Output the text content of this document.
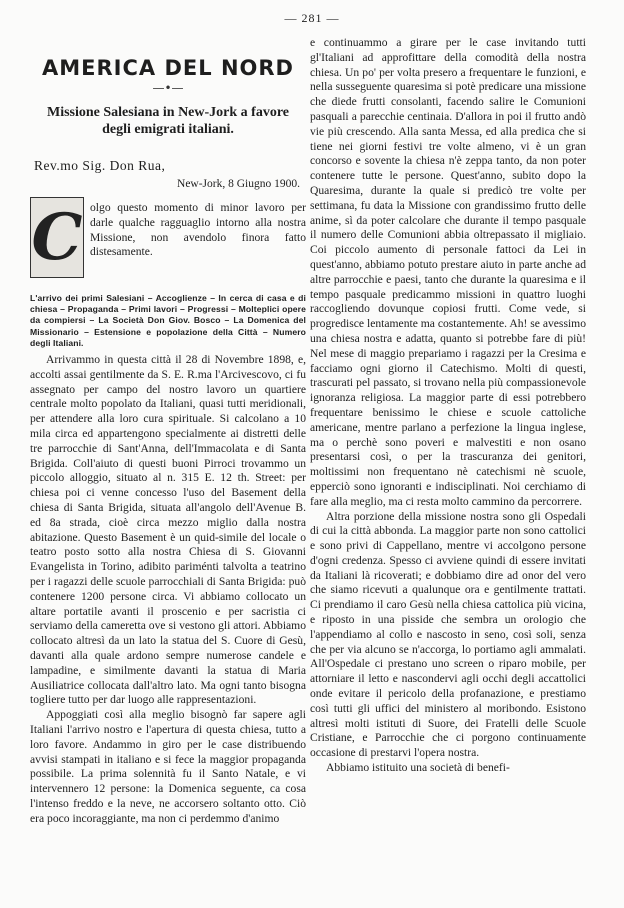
— 281 —
AMERICA DEL NORD
—•—
Missione Salesiana in New-Jork a favore degli emigrati italiani.
Rev.mo Sig. Don Rua,
New-Jork, 8 Giugno 1900.
C olgo questo momento di minor lavoro per darle qualche ragguaglio intorno alla nostra Missione, non avendolo finora fatto distesamente.
L'arrivo dei primi Salesiani – Accoglienze – In cerca di casa e di chiesa – Propaganda – Primi lavori – Progressi – Molteplici opere da compiersi – La Società Don Giov. Bosco – La Domenica del Missionario – Estensione e popolazione della Città – Numero degli Italiani.

Arrivammo in questa città il 28 di Novembre 1898, e, accolti assai gentilmente da S. E. R.ma l'Arcivescovo, ci fu assegnato per campo del nostro lavoro un quartiere centrale molto popolato da Italiani, quasi tutti meridionali, per attendere alla loro cura spirituale. Si calcolano a 10 mila circa ed appartengono specialmente ai distretti delle tre parrocchie di Sant'Anna, dell'Immacolata e di Santa Brigida. Coll'aiuto di questi buoni Pirroci trovammo un piccolo alloggio, situato al n. 315 E. 12 th. Street: per chiesa poi ci venne concesso l'uso del Basement della chiesa di Santa Brigida, situata all'angolo dell'Avenue B. ed 8a strada, cioè circa mezzo miglio dalla nostra abitazione. Questo Basement è un quid-simile del locale o teatro posto sotto alla nostra Chiesa di S. Giovanni Evangelista in Torino, adibito pariménti talvolta a teatrino per i ragazzi delle scuole parrocchiali di Santa Brigida: può contenere 1200 persone circa. Vi abbiamo collocato un altare portatile avanti il proscenio e per sacristia ci serviamo della cameretta ove si vestono gli attori. Abbiamo collocato altresì da un lato la statua del S. Cuore di Gesù, davanti alla quale ardono sempre numerose candele e lampadine, e similmente davanti la statua di Maria Ausiliatrice collocata dall'altro lato. Ma ogni tanto bisogna togliere tutto per dar luogo alle rappresentazioni.

Appoggiati così alla meglio bisognò far sapere agli Italiani l'arrivo nostro e l'apertura di questa chiesa, tutto a loro favore. Andammo in giro per le case distribuendo avvisi stampati in italiano e si fece la maggior propaganda possibile. La prima solennità fu il Santo Natale, e vi intervennero 12 persone: la Domenica seguente, ca cosa l'intenso freddo e la neve, ne accorsero soltanto otto. Ciò era poco incoraggiante, ma non ci perdemmo d'animo

e continuammo a girare per le case invitando tutti gl'Italiani ad approfittare della comodità della nostra chiesa. Un po' per volta presero a frequentare le funzioni, e nella susseguente quaresima si potè predicare una missione che diede frutti consolanti, facendo salire le Comunioni pasquali a parecchie centinaia. D'allora in poi il frutto andò vie più crescendo. Alla santa Messa, ed alla predica che si tiene nei giorni festivi tre volte almeno, vi è un gran concorso e sovente la chiesa n'è zeppa tanto, da non poter contenere tutte le persone. Quest'anno, subito dopo la Quaresima, durante la quale si predicò tre volte per settimana, fu data la Missione con grandissimo frutto delle anime, sì da poter calcolare che durante il tempo pasquale il numero delle Comunioni abbia oltrepassato il migliaio. Coi piccolo aumento di personale fattoci da Lei in quest'anno, abbiamo potuto prestare aiuto in parte anche ad altre parrocchie e paesi, tanto che durante la quaresima e il tempo pasquale predicammo missioni in quattro luoghi raccogliendo dovunque copiosi frutti. Come vede, si progredisce lentamente ma costantemente. Ah! se avessimo una chiesa nostra e adatta, quanto si potrebbe fare di più! Nel mese di maggio prepariamo i ragazzi per la Cresima e facciamo ogni giorno il Catechismo. Molti di questi, trascurati pel passato, si trovano nella più compassionevole ignoranza religiosa. La maggior parte di essi potrebbero frequentare benissimo le chiese e scuole cattoliche americane, mentre parlano a perfezione la lingua inglese, ma o perchè sono poveri e malvestiti e non osano presentarsi così, o per la trascuranza dei genitori, moltissimi non frequentano nè catechismi nè scuole, epperciò sono ignoranti e indisciplinati. Noi cerchiamo di fare alla meglio, ma ci resta molto cammino da percorrere.

Altra porzione della missione nostra sono gli Ospedali di cui la città abbonda. La maggior parte non sono cattolici e sono privi di Cappellano, mentre vi accolgono persone d'ogni credenza. Spesso ci avviene quindi di essere invitati da Italiani là ricoverati; e dobbiamo dire ad onor del vero che siamo ricevuti a qualunque ora e gentilmente trattati. Ci prendiamo il caro Gesù nella chiesa cattolica più vicina, e riposto in una pisside che sembra un orologio che l'appendiamo al collo e nascosto in seno, così soli, senza che per via alcuno se n'accorga, lo portiamo agli ammalati. All'Ospedale ci prestano uno screen o riparo mobile, per attorniare il letto e nascondervi agli occhi degli accattolici onde evitare il pericolo della profanazione, e prestiamo così tutti gli uffici del ministero al moribondo. Esistono altresì molti istituti di Suore, dei Fratelli delle Scuole Cristiane, e Parrocchie che ci porgono continuamente occasione di prestarvi l'opera nostra.

Abbiamo istituito una società di benefi-
